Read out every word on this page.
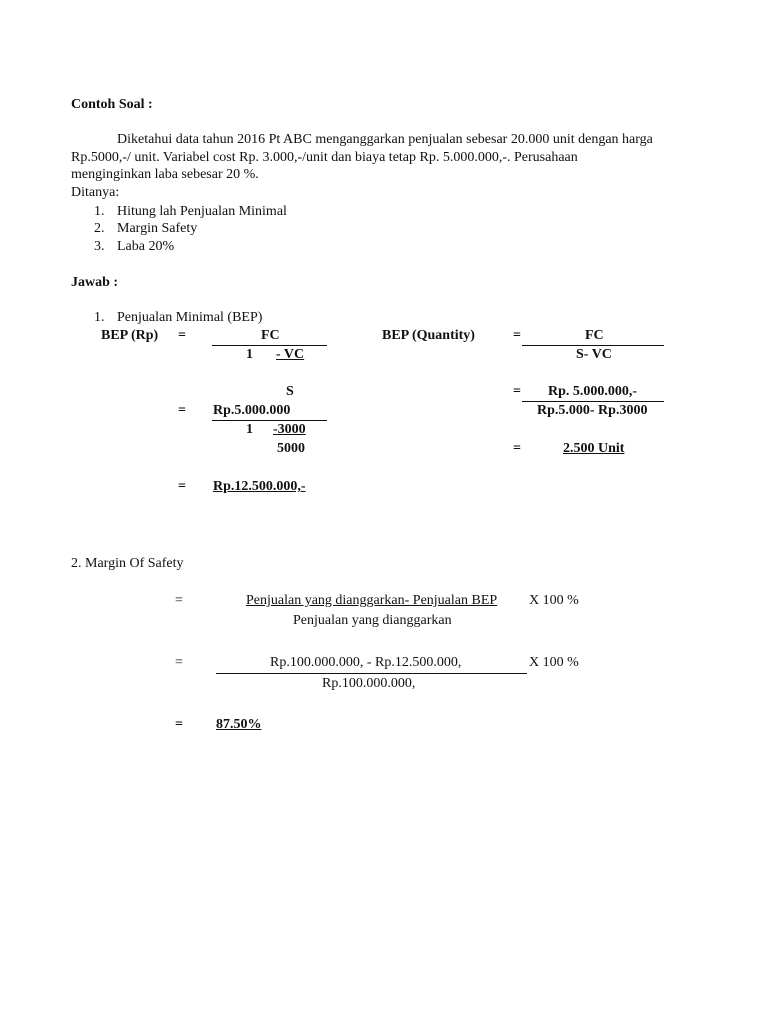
Contoh Soal :
Diketahui data tahun 2016 Pt ABC menganggarkan penjualan sebesar 20.000 unit dengan harga
Rp.5000,-/ unit. Variabel cost Rp. 3.000,-/unit dan biaya tetap Rp. 5.000.000,-. Perusahaan
menginginkan laba sebesar 20 %.
Ditanya:
1. Hitung lah Penjualan Minimal
2. Margin Safety
3. Laba 20%
Jawab :
1. Penjualan Minimal (BEP)
BEP (Rp) =	FC
1 - VC
S
= Rp.5.000.000
1 -3000
5000
= Rp.12.500.000,-
BEP (Quantity)	=	FC
S- VC
= Rp. 5.000.000,-
Rp.5.000- Rp.3000
=	2.500 Unit
2. Margin Of Safety
=	Penjualan yang dianggarkan- Penjualan BEP X 100 %
Penjualan yang dianggarkan
=	Rp.100.000.000, - Rp.12.500.000,	X 100 %
Rp.100.000.000,
= 87.50%
